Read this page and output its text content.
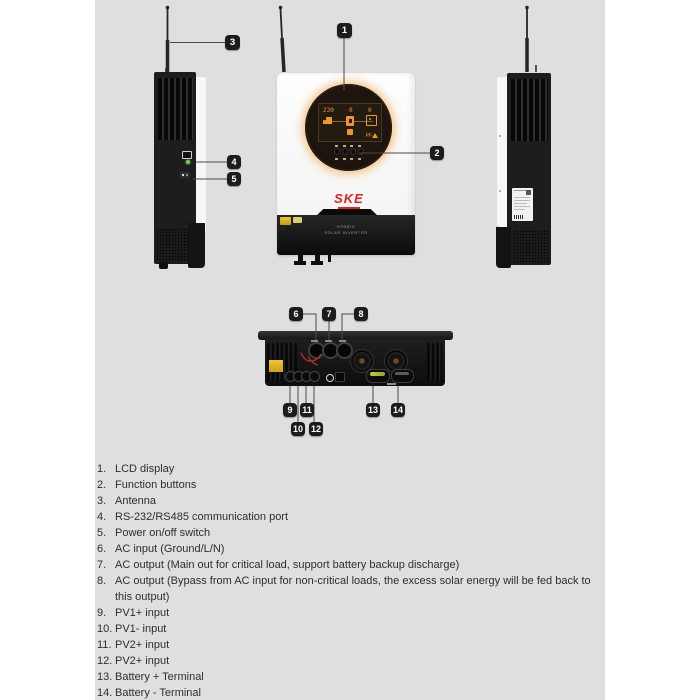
230	0	0
PF
SKE
HYBRID
SOLAR INVERTER
1
2
3
4
5
6	7	8
9
10
11
12
13 14
1. LCD display
2. Function buttons
3. Antenna
4. RS-232/RS485 communication port
5. Power on/off switch
6. AC input (Ground/L/N)
7. AC output (Main out for critical load, support battery backup discharge)
8. AC output (Bypass from AC input for non-critical loads, the excess solar energy will be fed back to this output)
9. PV1+ input
10. PV1- input
11. PV2+ input
12. PV2+ input
13. Battery + Terminal
14. Battery - Terminal
